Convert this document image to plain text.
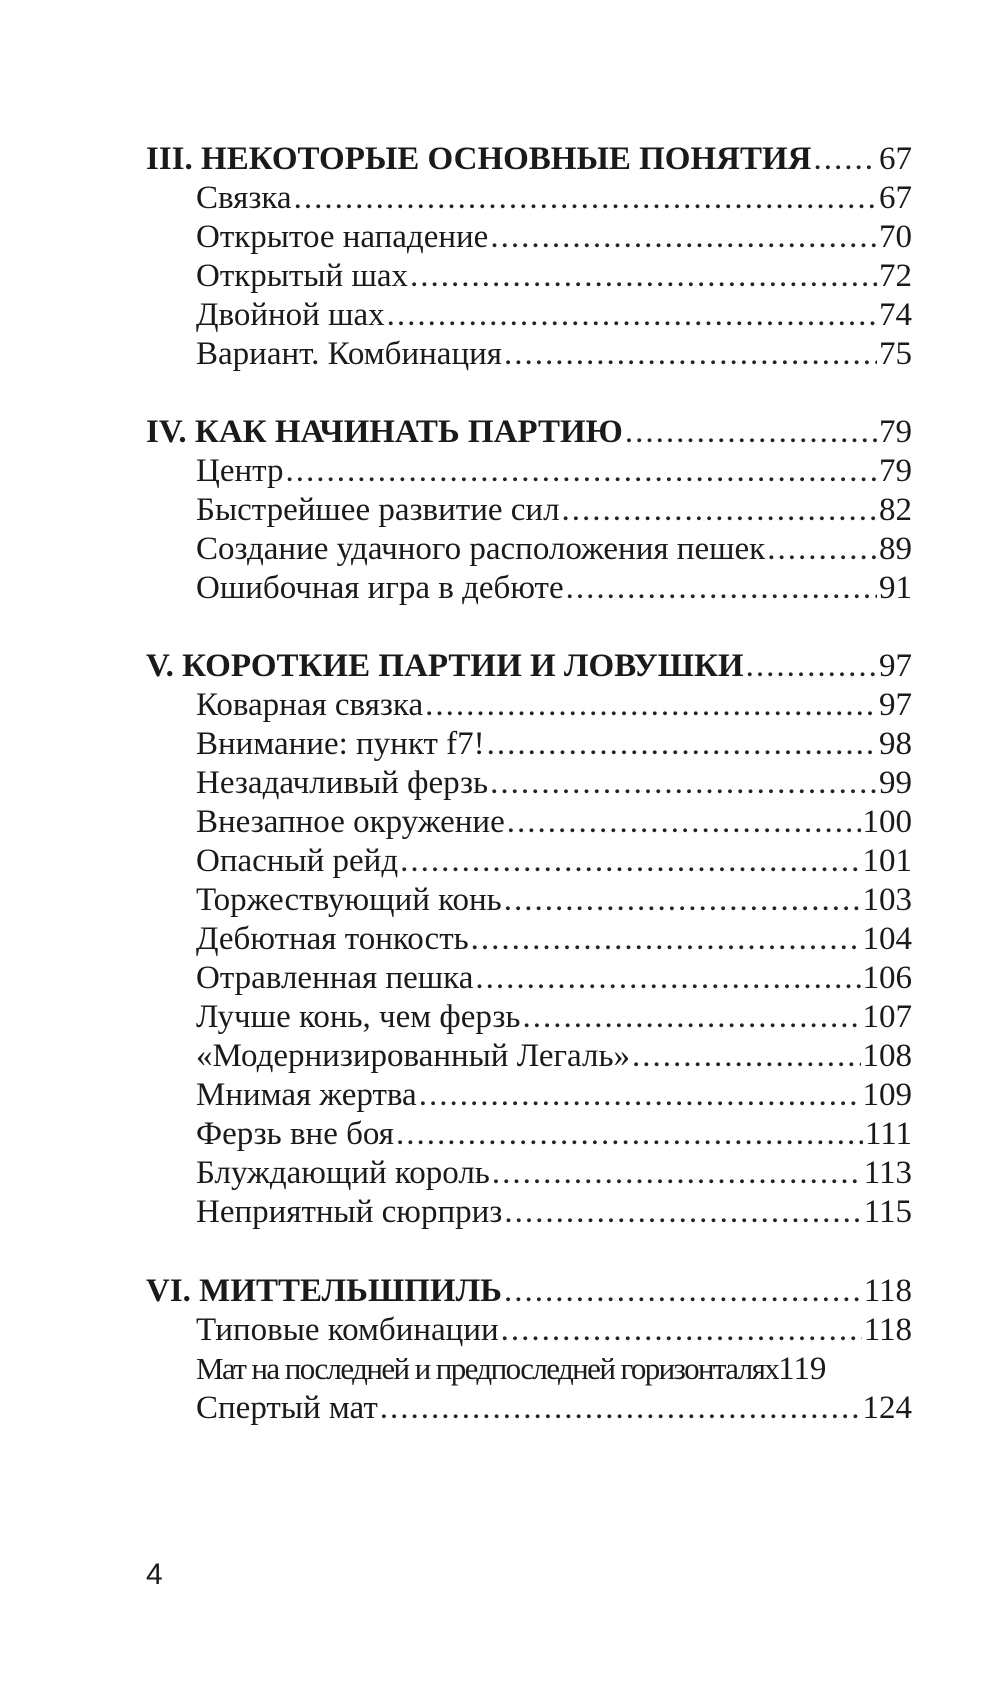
III. НЕКОТОРЫЕ ОСНОВНЫЕ ПОНЯТИЯ ..... 67
Связка .....	67
Открытое нападение .....	70
Открытый шах .....	72
Двойной шах .....	74
Вариант. Комбинация .....	75
IV. КАК НАЧИНАТЬ ПАРТИЮ .....	79
Центр .....	79
Быстрейшее развитие сил .....	82
Создание удачного расположения пешек .....	89
Ошибочная игра в дебюте .....	91
V. КОРОТКИЕ ПАРТИИ И ЛОВУШКИ .....	97
Коварная связка .....	97
Внимание: пункт f7! .....	98
Незадачливый ферзь .....	99
Внезапное окружение .....	100
Опасный рейд .....	101
Торжествующий конь .....	103
Дебютная тонкость .....	104
Отравленная пешка .....	106
Лучше конь, чем ферзь .....	107
«Модернизированный Легаль» .....	108
Мнимая жертва .....	109
Ферзь вне боя .....	111
Блуждающий король .....	113
Неприятный сюрприз .....	115
VI. МИТТЕЛЬШПИЛЬ .....	118
Типовые комбинации .....	118
Мат на последней и предпоследней горизонталях 119
Спертый мат .....	124
4
